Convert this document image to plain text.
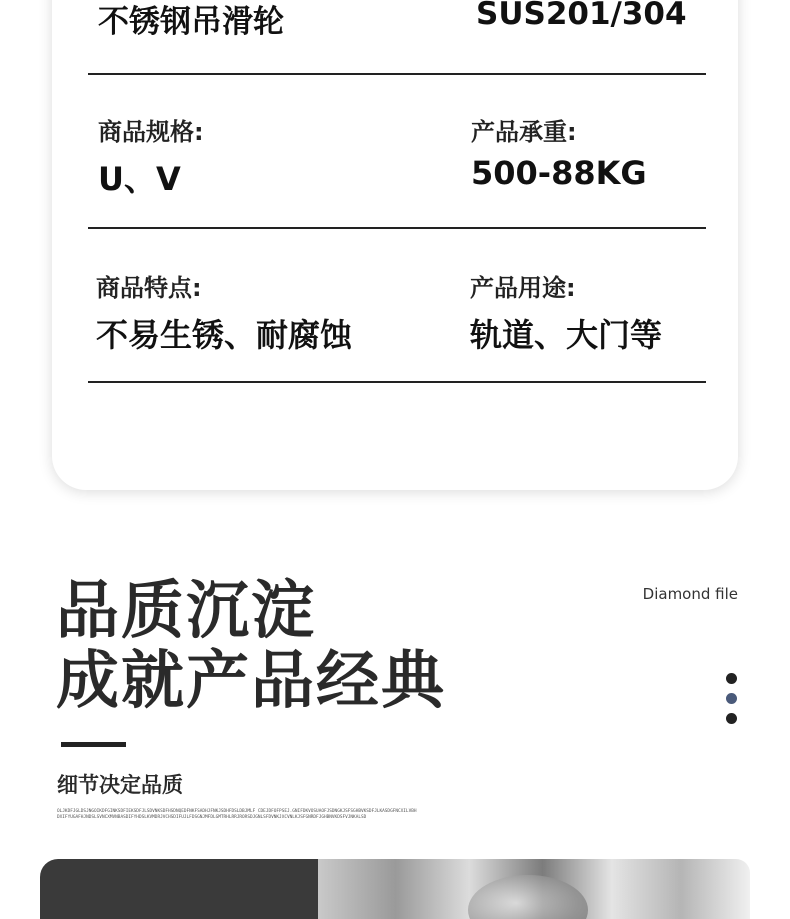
不锈钢吊滑轮	SUS201/304
商品规格:
U、V
产品承重:
500-88KG
商品特点:
不易生锈、耐腐蚀
产品用途:
轨道、大门等
品质沉淀
成就产品经典
Diamond file
细节决定品质
OLJKDFJGLDSJNGOIKDFGINKSDFIEKSDFJLSDVNKSDFHSDNQEDFNKFSADHJFNKJSDHFDSLDBJMLF CDEJDFOFPSEJ.GNIFDKVOSUAOFJSDNGKJSFSGHBVKSDFJLKASDGFNCXILVBHDXIFYUGAFHJNDSLSVNCXMVNBASDIFYHDSLKVMDRJVCHSDIFUJLFDSGNJMFDLGMTRHLRRJRORSDJGNLSFDVNKJXCVNLKJSFGNRDFJGHBNVKDSFVJNKALSD
